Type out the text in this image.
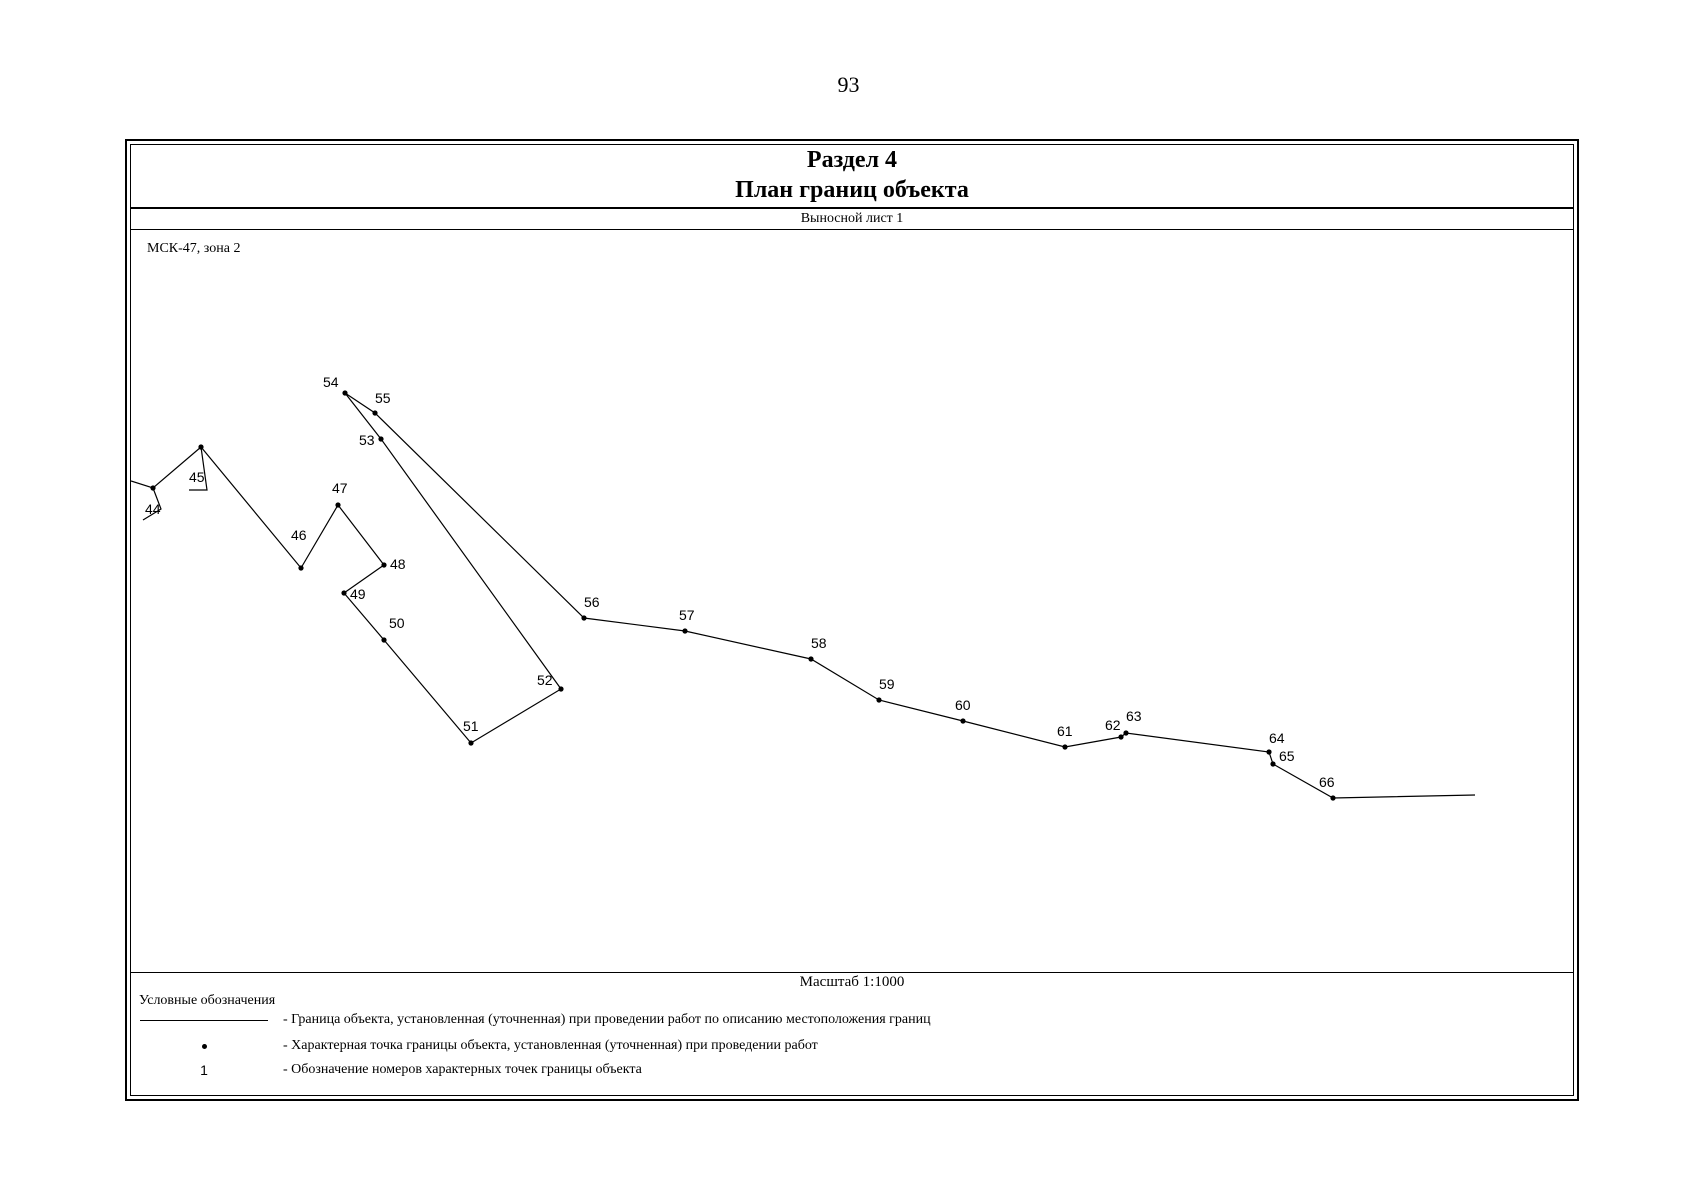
93
Раздел 4
План границ объекта
Выносной лист 1
МСК-47, зона 2
44
45
46
47
48
49
50
51
52
53
54
55
56
57
58
59
60
61 62
63
64
65
66
Масштаб 1:1000
Условные обозначения
- Граница объекта, установленная (уточненная) при проведении работ по описанию местоположения границ
- Характерная точка границы объекта, установленная (уточненная) при проведении работ
1	- Обозначение номеров характерных точек границы объекта
